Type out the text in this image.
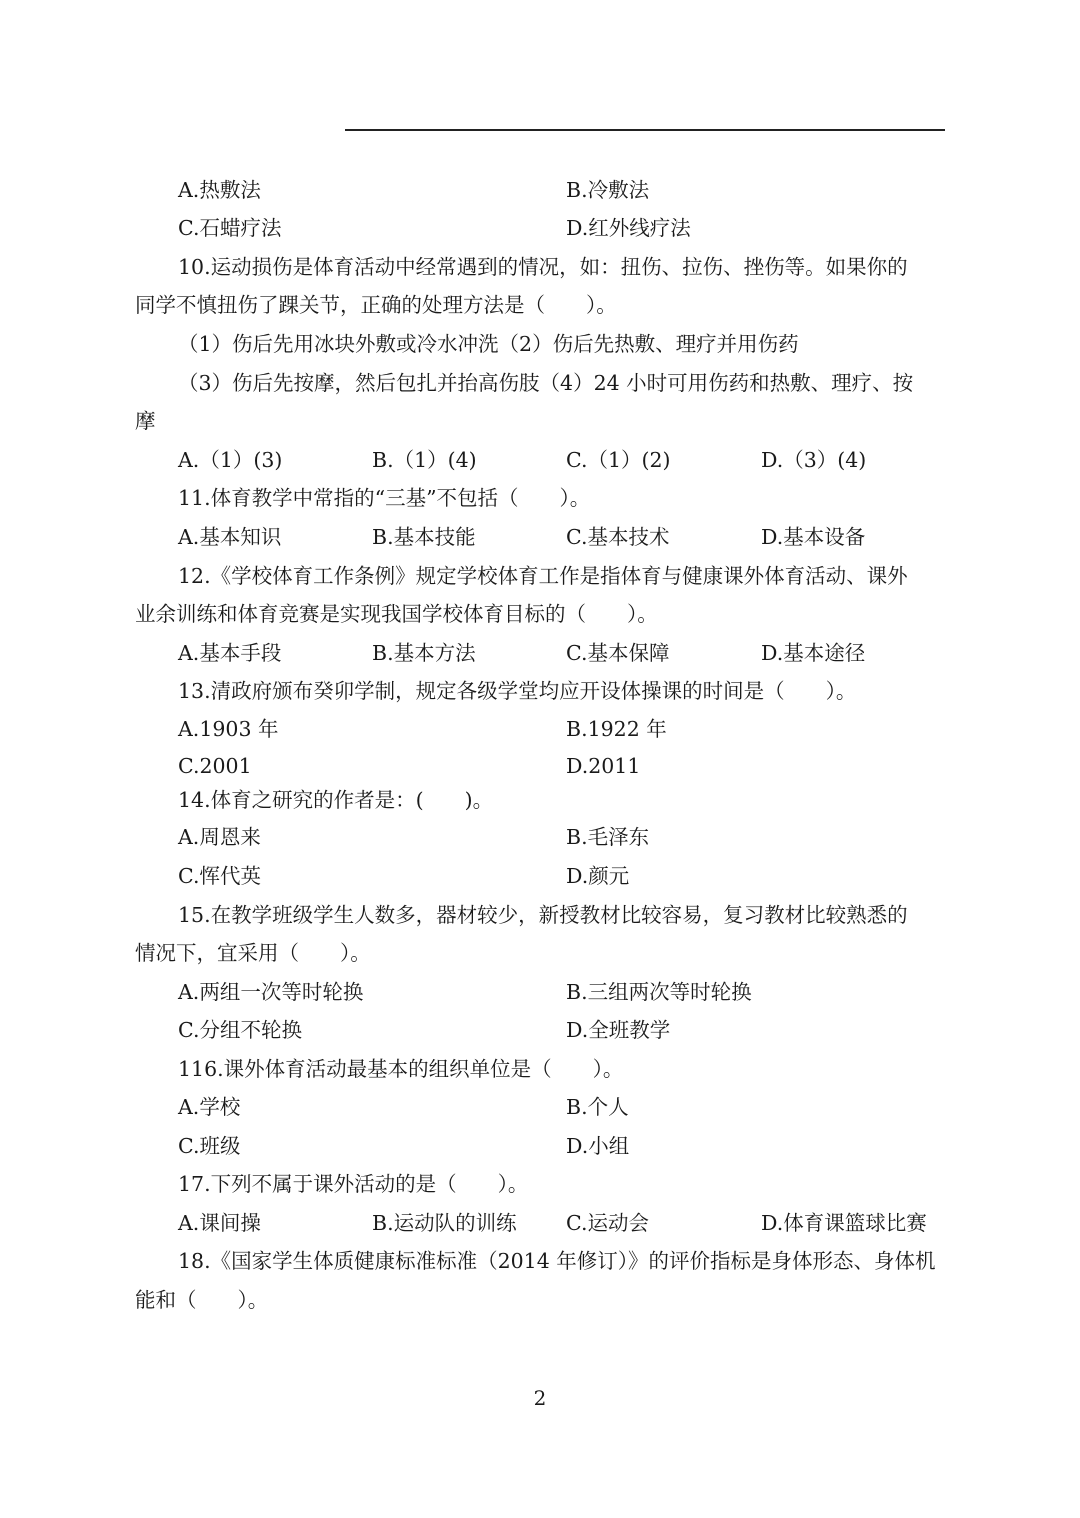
A.热敷法	B.冷敷法
C.石蜡疗法	D.红外线疗法
10.运动损伤是体育活动中经常遇到的情况，如：扭伤、拉伤、挫伤等。如果你的
同学不慎扭伤了踝关节，正确的处理方法是（　　）。
（1）伤后先用冰块外敷或冷水冲洗（2）伤后先热敷、理疗并用伤药
（3）伤后先按摩，然后包扎并抬高伤肢（4）24 小时可用伤药和热敷、理疗、按
摩
A.（1）(3)	B.（1）(4)	C.（1）(2)	D.（3）(4)
11.体育教学中常指的“三基”不包括（　　）。
A.基本知识	B.基本技能	C.基本技术	D.基本设备
12.《学校体育工作条例》规定学校体育工作是指体育与健康课外体育活动、课外
业余训练和体育竞赛是实现我国学校体育目标的（　　）。
A.基本手段	B.基本方法	C.基本保障	D.基本途径
13.清政府颁布癸卯学制，规定各级学堂均应开设体操课的时间是（　　）。
A.1903 年	B.1922 年
C.2001	D.2011
14.体育之研究的作者是：(　　)。
A.周恩来	B.毛泽东
C.恽代英	D.颜元
15.在教学班级学生人数多，器材较少，新授教材比较容易，复习教材比较熟悉的
情况下，宜采用（　　）。
A.两组一次等时轮换	B.三组两次等时轮换
C.分组不轮换	D.全班教学
116.课外体育活动最基本的组织单位是（　　）。
A.学校	B.个人
C.班级	D.小组
17.下列不属于课外活动的是（　　）。
A.课间操	B.运动队的训练 C.运动会	D.体育课篮球比赛
18.《国家学生体质健康标准标准（2014 年修订）》的评价指标是身体形态、身体机
能和（　　）。
2
